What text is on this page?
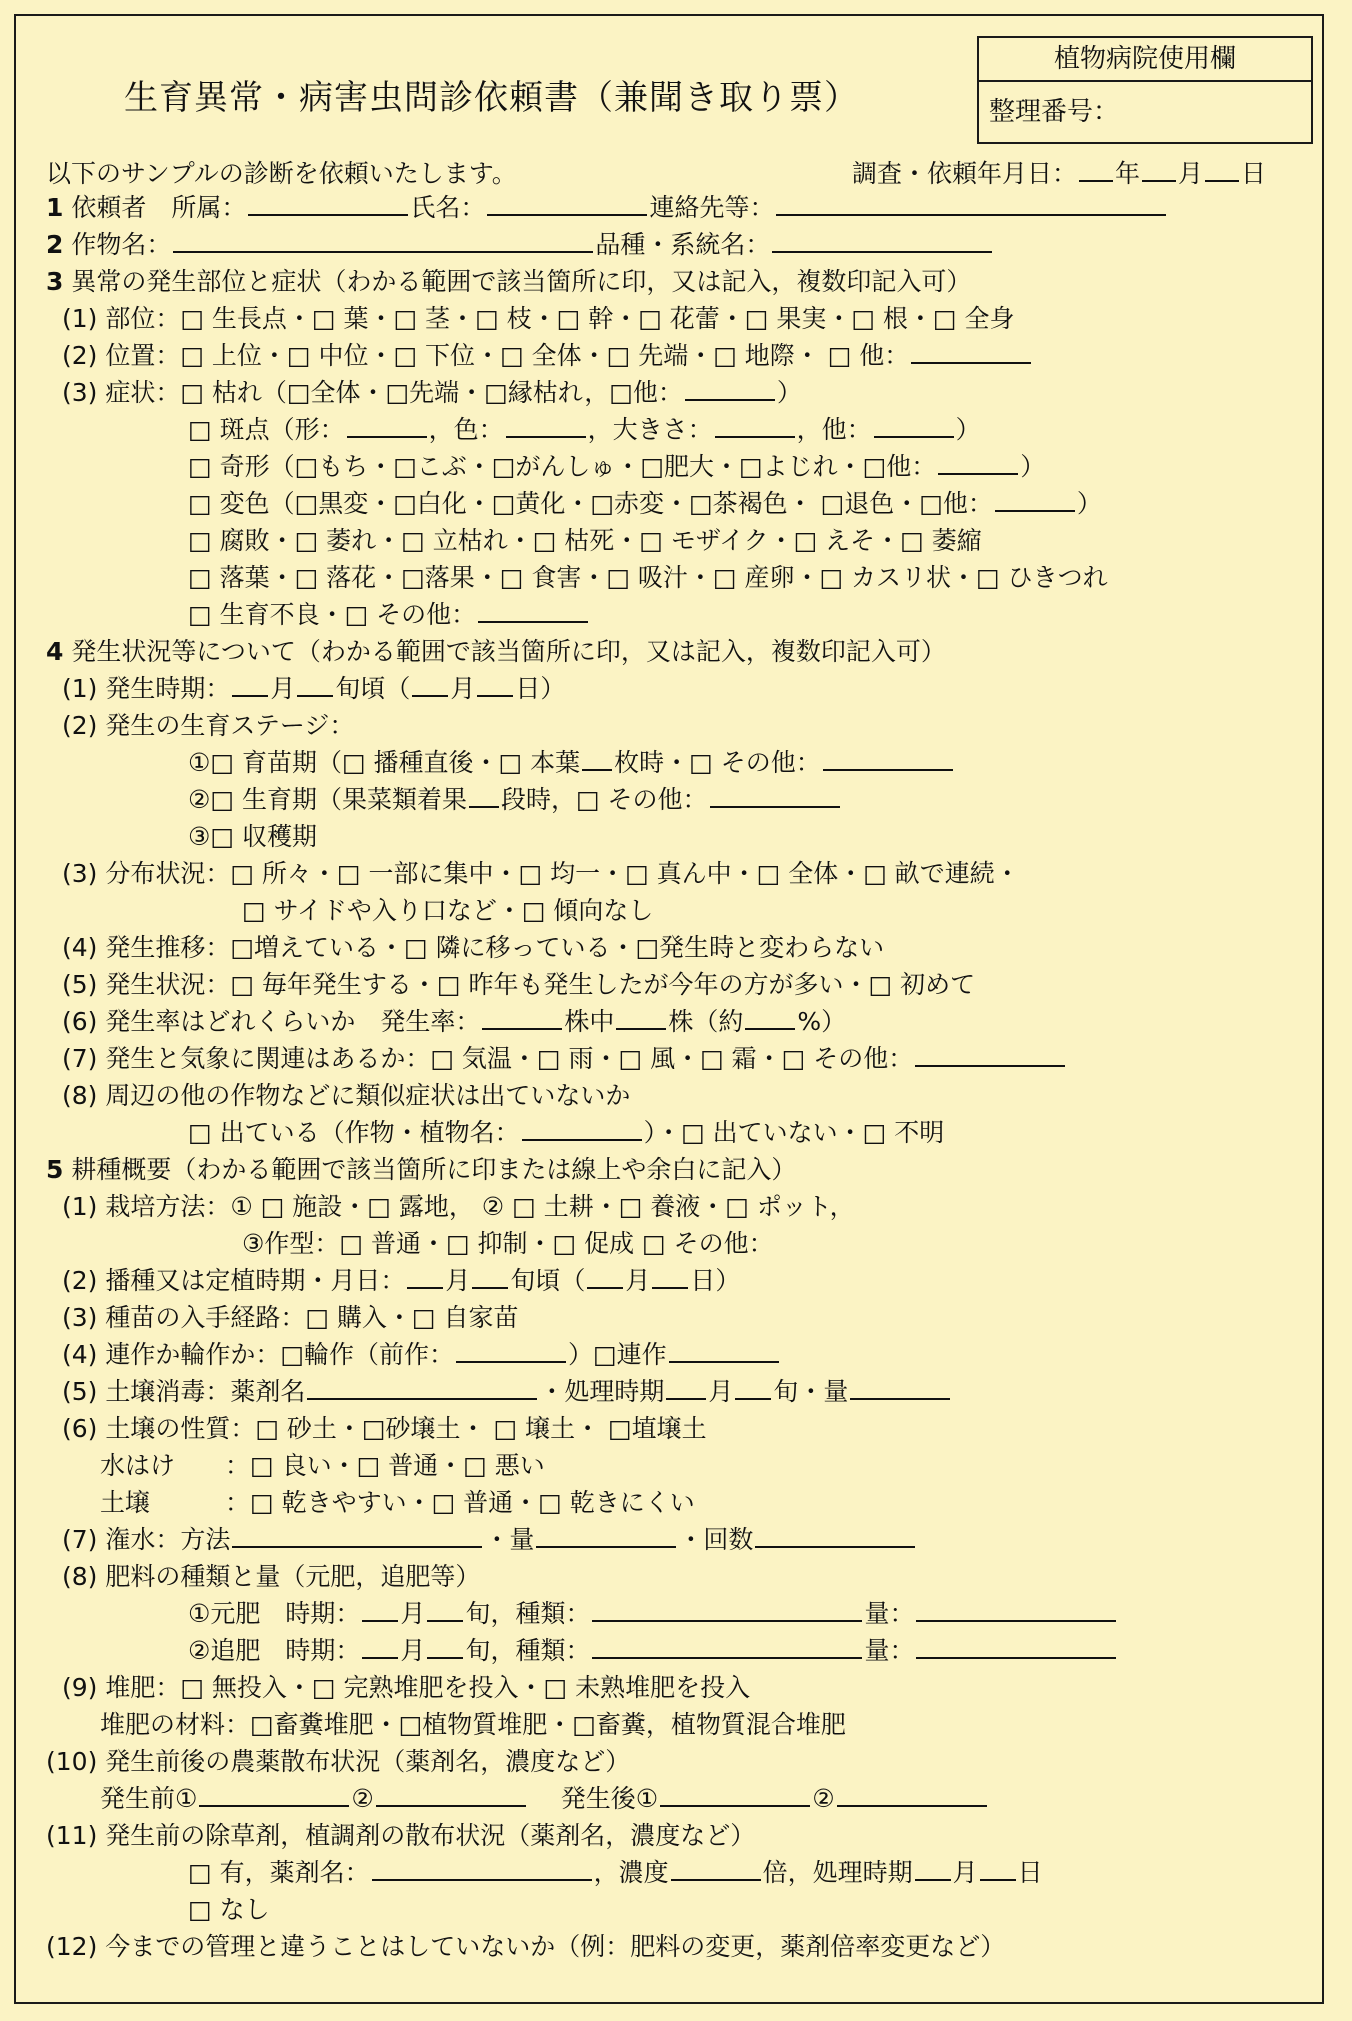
生育異常・病害虫問診依頼書（兼聞き取り票）
植物病院使用欄
整理番号：
以下のサンプルの診断を依頼いたします。	調査・依頼年月日： 年 月 日
1 依頼者　所属：	氏名：	連絡先等：
2 作物名：	品種・系統名：
3 異常の発生部位と症状（わかる範囲で該当箇所に印，又は記入，複数印記入可）
(1) 部位：□ 生長点・□ 葉・□ 茎・□ 枝・□ 幹・□ 花蕾・□ 果実・□ 根・□ 全身
(2) 位置：□ 上位・□ 中位・□ 下位・□ 全体・□ 先端・□ 地際・ □ 他：
(3) 症状：□ 枯れ（□全体・□先端・□縁枯れ，□他：	）
□ 斑点（形：	，色：	，大きさ：	，他：	）
□ 奇形（□もち・□こぶ・□がんしゅ・□肥大・□よじれ・□他：	）
□ 変色（□黒変・□白化・□黄化・□赤変・□茶褐色・ □退色・□他：	）
□ 腐敗・□ 萎れ・□ 立枯れ・□ 枯死・□ モザイク・□ えそ・□ 萎縮
□ 落葉・□ 落花・□落果・□ 食害・□ 吸汁・□ 産卵・□ カスリ状・□ ひきつれ
□ 生育不良・□ その他：
4 発生状況等について（わかる範囲で該当箇所に印，又は記入，複数印記入可）
(1) 発生時期： 月 旬頃（ 月 日）
(2) 発生の生育ステージ：
①□ 育苗期（□ 播種直後・□ 本葉 枚時・□ その他：
②□ 生育期（果菜類着果 段時，□ その他：
③□ 収穫期
(3) 分布状況：□ 所々・□ 一部に集中・□ 均一・□ 真ん中・□ 全体・□ 畝で連続・
□ サイドや入り口など・□ 傾向なし
(4) 発生推移：□増えている・□ 隣に移っている・□発生時と変わらない
(5) 発生状況：□ 毎年発生する・□ 昨年も発生したが今年の方が多い・□ 初めて
(6) 発生率はどれくらいか　発生率：	株中 株（約 %）
(7) 発生と気象に関連はあるか：□ 気温・□ 雨・□ 風・□ 霜・□ その他：
(8) 周辺の他の作物などに類似症状は出ていないか
□ 出ている（作物・植物名：	）・□ 出ていない・□ 不明
5 耕種概要（わかる範囲で該当箇所に印または線上や余白に記入）
(1) 栽培方法：① □ 施設・□ 露地， ② □ 土耕・□ 養液・□ ポット，
③作型：□ 普通・□ 抑制・□ 促成 □ その他：
(2) 播種又は定植時期・月日： 月 旬頃（ 月 日）
(3) 種苗の入手経路：□ 購入・□ 自家苗
(4) 連作か輪作か：□輪作（前作：	）□連作
(5) 土壌消毒：薬剤名	・処理時期 月 旬・量
(6) 土壌の性質：□ 砂土・□砂壌土・ □ 壌土・ □埴壌土
水はけ　　：□ 良い・□ 普通・□ 悪い
土壌　　　：□ 乾きやすい・□ 普通・□ 乾きにくい
(7) 潅水：方法	・量	・回数
(8) 肥料の種類と量（元肥，追肥等）
①元肥　時期： 月 旬，種類：	量：
②追肥　時期： 月 旬，種類：	量：
(9) 堆肥：□ 無投入・□ 完熟堆肥を投入・□ 未熟堆肥を投入
堆肥の材料：□畜糞堆肥・□植物質堆肥・□畜糞，植物質混合堆肥
(10) 発生前後の農薬散布状況（薬剤名，濃度など）
発生前①	②	　 発生後①	②
(11) 発生前の除草剤，植調剤の散布状況（薬剤名，濃度など）
□ 有，薬剤名：	，濃度	倍，処理時期 月 日
□ なし
(12) 今までの管理と違うことはしていないか（例：肥料の変更，薬剤倍率変更など）
